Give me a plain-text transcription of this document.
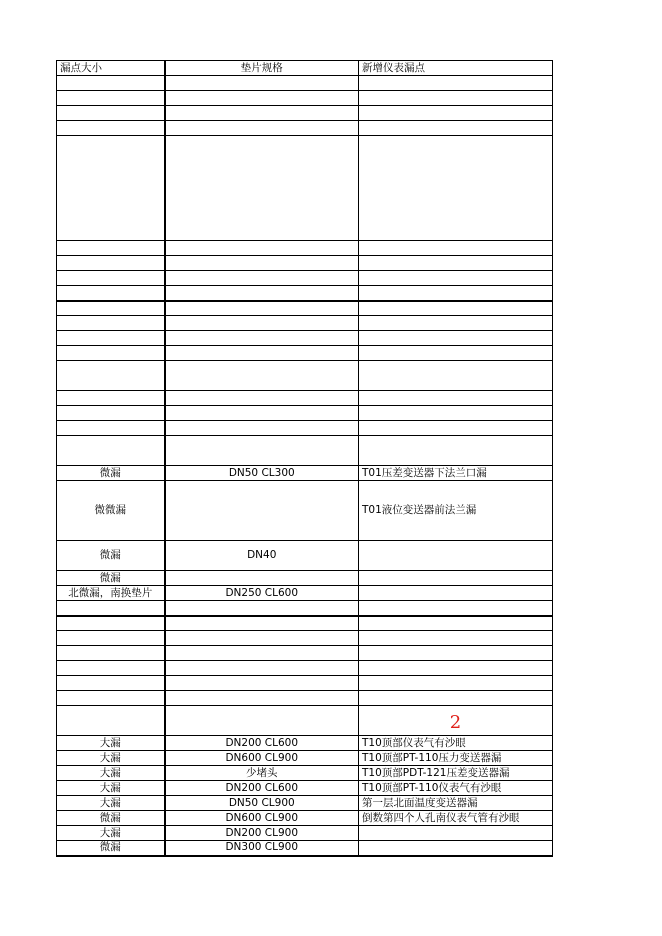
漏点大小	垫片规格	新增仪表漏点

微漏	DN50 CL300	T01压差变送器下法兰口漏
微微漏		T01液位变送器前法兰漏
微漏	DN40	
微漏		
北微漏，南换垫片	DN250 CL600	

		2
大漏	DN200 CL600	T10顶部仪表气有沙眼
大漏	DN600 CL900	T10顶部PT-110压力变送器漏
大漏	少堵头	T10顶部PDT-121压差变送器漏
大漏	DN200 CL600	T10顶部PT-110仪表气有沙眼
大漏	DN50 CL900	第一层北面温度变送器漏
微漏	DN600 CL900	倒数第四个人孔南仪表气管有沙眼
大漏	DN200 CL900	
微漏	DN300 CL900	
